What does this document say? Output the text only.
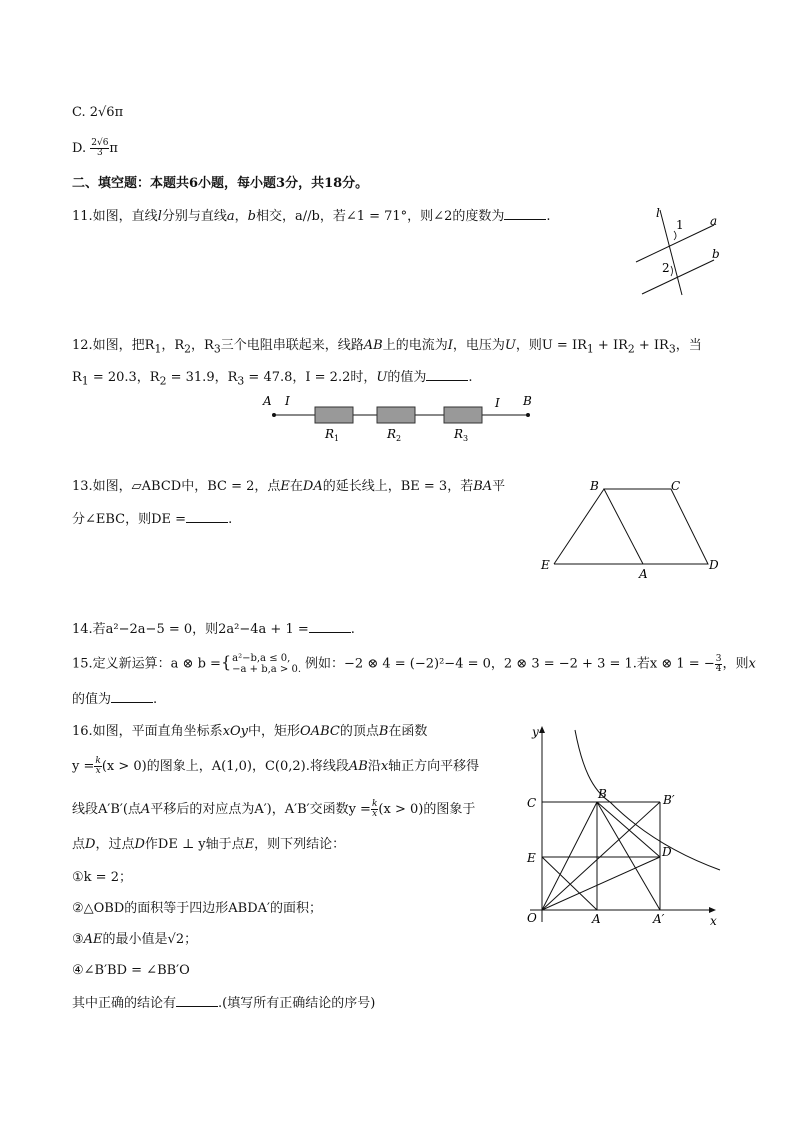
C. 2√6π
D. $\frac{2√6}{3}$ π
二、填空题：本题共6小题，每小题3分，共18分。
11.如图，直线l分别与直线a，b相交，a//b，若∠1 = 71°，则∠2的度数为	.	l
1 a
2
b
12.如图，把$R_1$，$R_2$，$R_3$三个电阻串联起来，线路AB上的电流为I，电压为U，则$U = IR_1 + IR_2 + IR_3$，当
$R_1 = 20.3$，$R_2 = 31.9$，$R_3 = 47.8$，I = 2.2时，U的值为	.
A I	I B
$R_1$	$R_2$	$R_3$
13.如图，▱ABCD中，BC = 2，点E在DA的延长线上，BE = 3，若BA平
分∠EBC，则DE =	.
B	C
E
A
D
14.若a²−2a−5 = 0，则2a²−4a + 1 =	.
15.定义新运算：a ⊗ b ={ a²−b,a ≤ 0,
−a + b,a > 0. 例如：−2 ⊗ 4 = (−2)²−4 = 0，2 ⊗ 3 = −2 + 3 = 1.若x ⊗ 1 = − $\frac{3}{4}$ ，则x
的值为	.
16.如图，平面直角坐标系xOy中，矩形OABC的顶点B在函数
$y = \frac{k}{x} (x > 0)$的图象上，A(1,0)，C(0,2).将线段AB沿x轴正方向平移得
线段A′B′(点A平移后的对应点为A′)，A′B′交函数$y = \frac{k}{x} (x > 0)$的图象于
点D，过点D作DE ⊥ y轴于点E，则下列结论：
①k = 2；
②△OBD的面积等于四边形ABDA′的面积；
③AE的最小值是√2；
④∠B′BD = ∠BB′O
其中正确的结论有	.(填写所有正确结论的序号)
y
x
C
B	B′
E	D
O	A	A′
